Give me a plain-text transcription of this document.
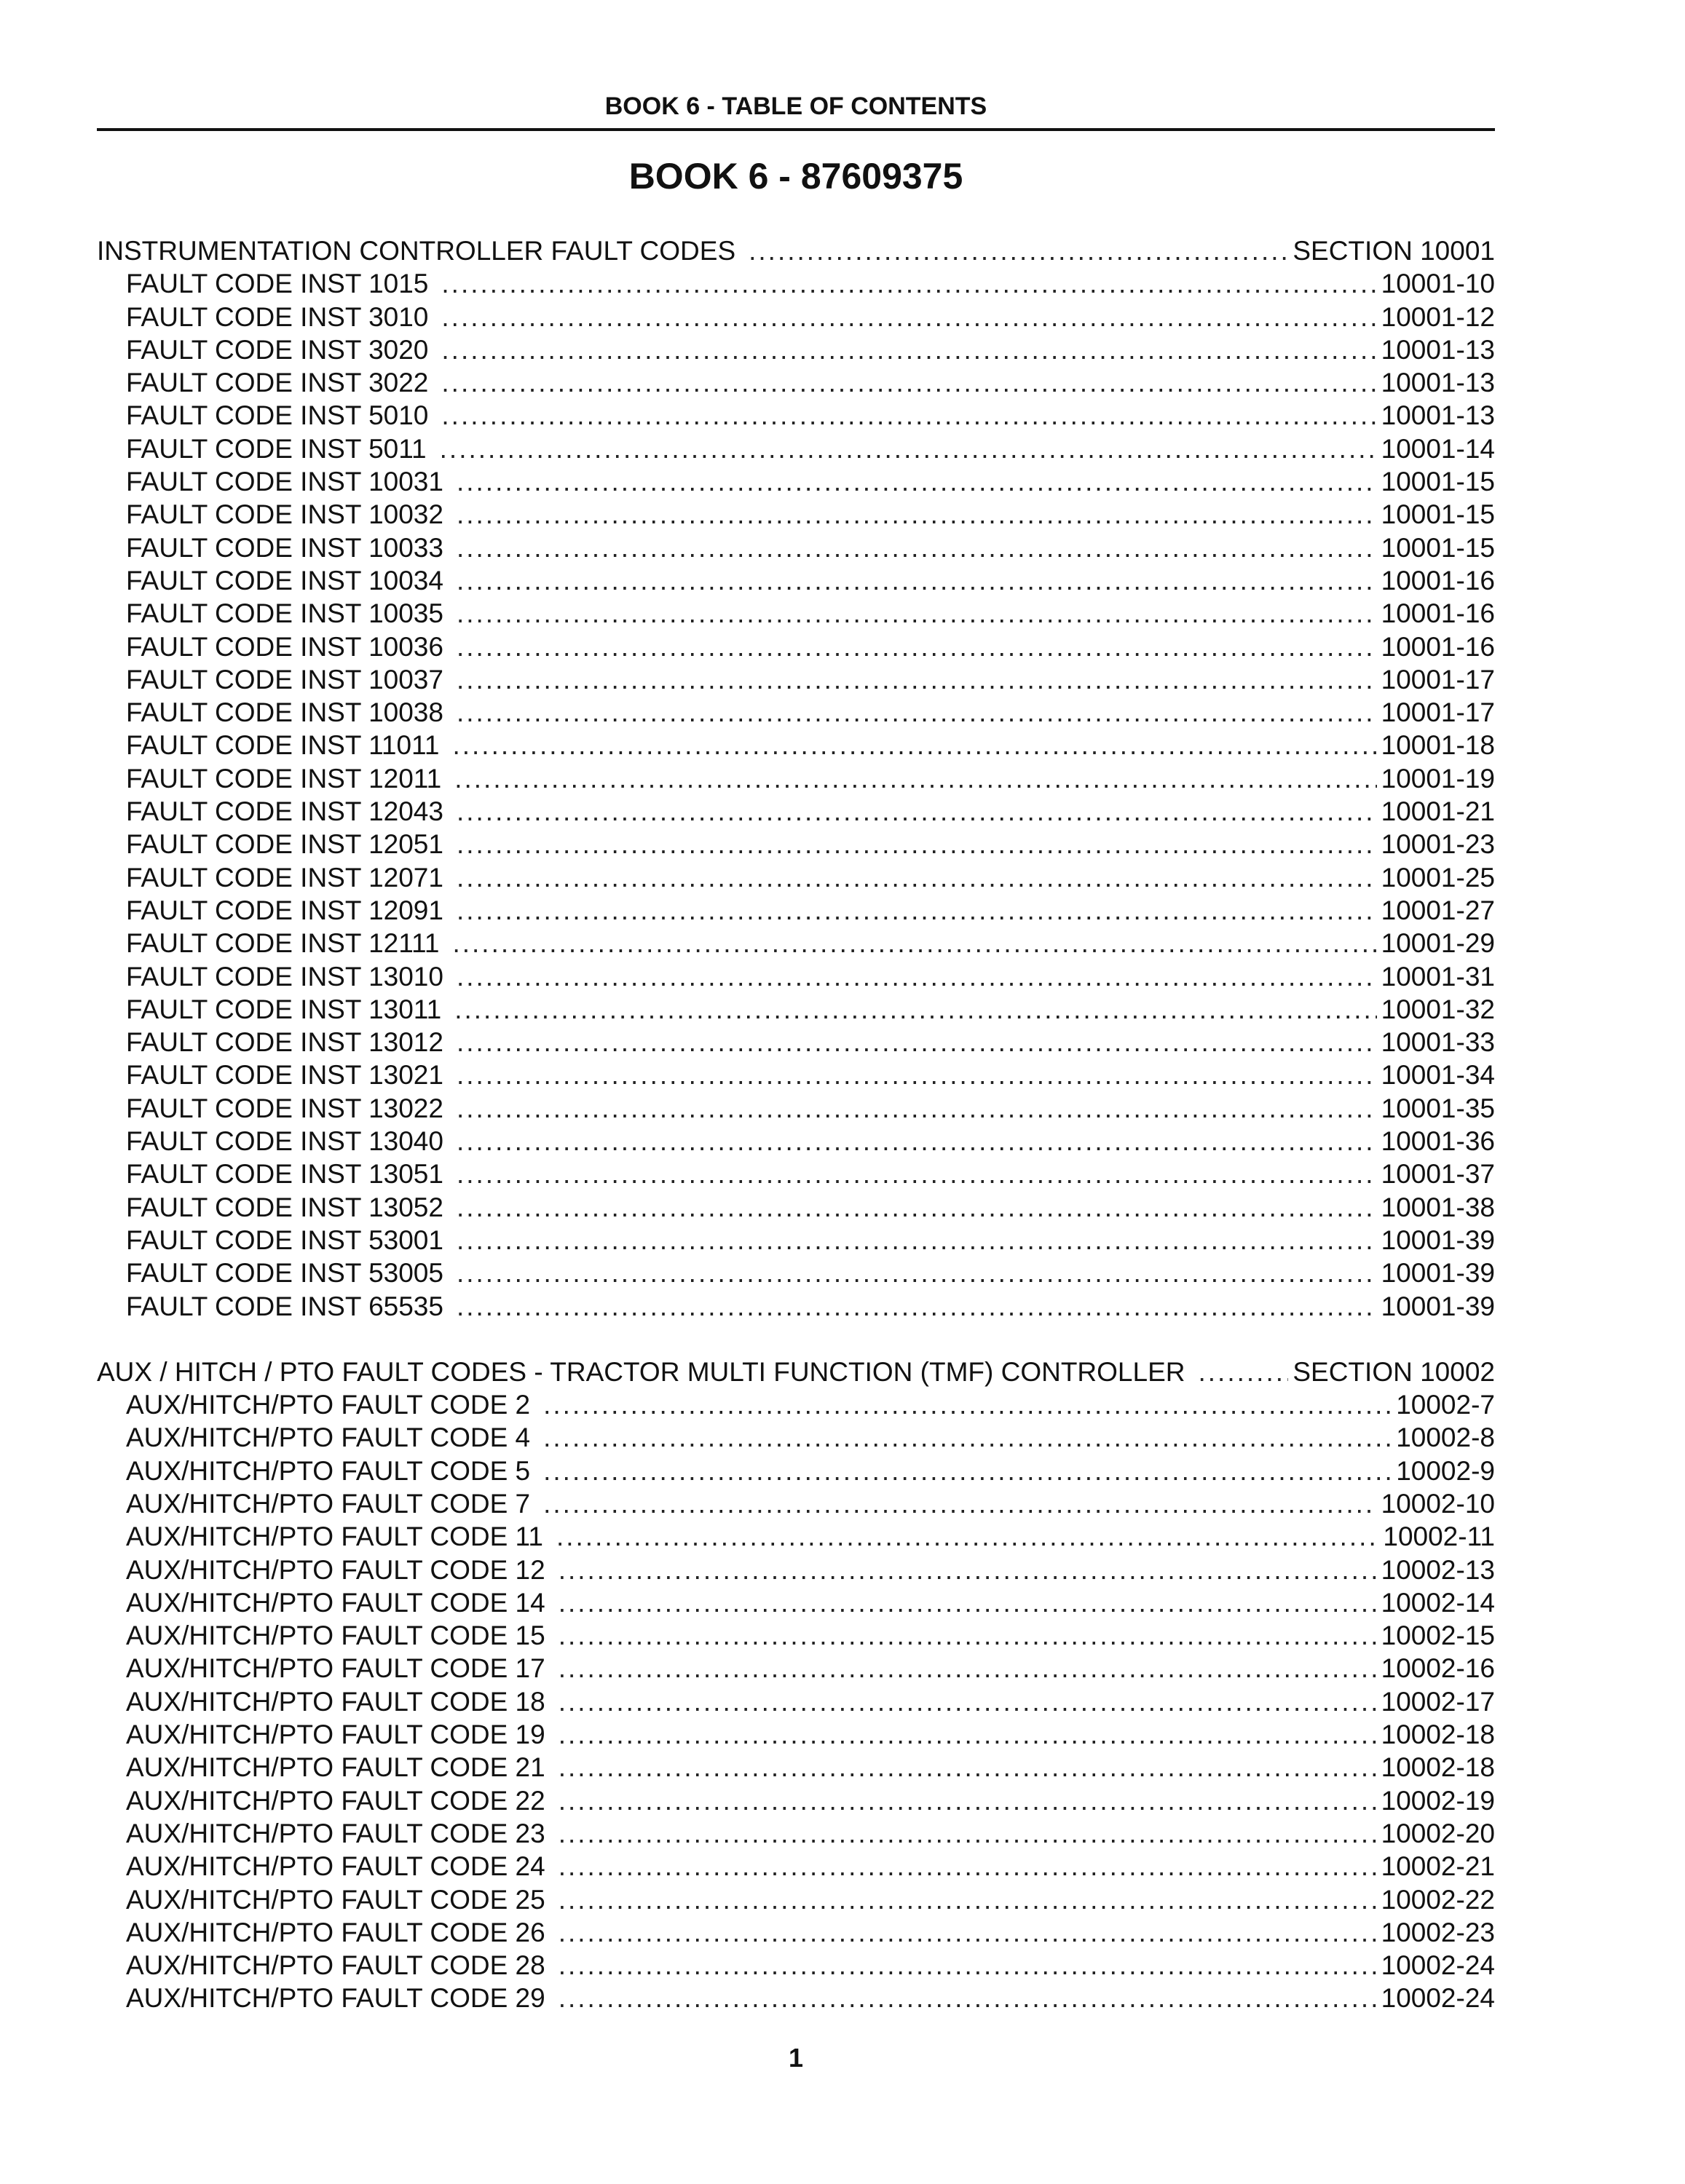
BOOK 6 - TABLE OF CONTENTS
BOOK 6 - 87609375
INSTRUMENTATION CONTROLLER FAULT CODES .....	SECTION 10001
FAULT CODE INST 1015 .....	10001-10
FAULT CODE INST 3010 .....	10001-12
FAULT CODE INST 3020 .....	10001-13
FAULT CODE INST 3022 .....	10001-13
FAULT CODE INST 5010 .....	10001-13
FAULT CODE INST 5011 .....	10001-14
FAULT CODE INST 10031 .....	10001-15
FAULT CODE INST 10032 .....	10001-15
FAULT CODE INST 10033 .....	10001-15
FAULT CODE INST 10034 .....	10001-16
FAULT CODE INST 10035 .....	10001-16
FAULT CODE INST 10036 .....	10001-16
FAULT CODE INST 10037 .....	10001-17
FAULT CODE INST 10038 .....	10001-17
FAULT CODE INST 11011 .....	10001-18
FAULT CODE INST 12011 .....	10001-19
FAULT CODE INST 12043 .....	10001-21
FAULT CODE INST 12051 .....	10001-23
FAULT CODE INST 12071 .....	10001-25
FAULT CODE INST 12091 .....	10001-27
FAULT CODE INST 12111 .....	10001-29
FAULT CODE INST 13010 .....	10001-31
FAULT CODE INST 13011 .....	10001-32
FAULT CODE INST 13012 .....	10001-33
FAULT CODE INST 13021 .....	10001-34
FAULT CODE INST 13022 .....	10001-35
FAULT CODE INST 13040 .....	10001-36
FAULT CODE INST 13051 .....	10001-37
FAULT CODE INST 13052 .....	10001-38
FAULT CODE INST 53001 .....	10001-39
FAULT CODE INST 53005 .....	10001-39
FAULT CODE INST 65535 .....	10001-39
AUX / HITCH / PTO FAULT CODES - TRACTOR MULTI FUNCTION (TMF) CONTROLLER .....	SECTION 10002
AUX/HITCH/PTO FAULT CODE 2 .....	10002-7
AUX/HITCH/PTO FAULT CODE 4 .....	10002-8
AUX/HITCH/PTO FAULT CODE 5 .....	10002-9
AUX/HITCH/PTO FAULT CODE 7 .....	10002-10
AUX/HITCH/PTO FAULT CODE 11 .....	10002-11
AUX/HITCH/PTO FAULT CODE 12 .....	10002-13
AUX/HITCH/PTO FAULT CODE 14 .....	10002-14
AUX/HITCH/PTO FAULT CODE 15 .....	10002-15
AUX/HITCH/PTO FAULT CODE 17 .....	10002-16
AUX/HITCH/PTO FAULT CODE 18 .....	10002-17
AUX/HITCH/PTO FAULT CODE 19 .....	10002-18
AUX/HITCH/PTO FAULT CODE 21 .....	10002-18
AUX/HITCH/PTO FAULT CODE 22 .....	10002-19
AUX/HITCH/PTO FAULT CODE 23 .....	10002-20
AUX/HITCH/PTO FAULT CODE 24 .....	10002-21
AUX/HITCH/PTO FAULT CODE 25 .....	10002-22
AUX/HITCH/PTO FAULT CODE 26 .....	10002-23
AUX/HITCH/PTO FAULT CODE 28 .....	10002-24
AUX/HITCH/PTO FAULT CODE 29 .....	10002-24
1
